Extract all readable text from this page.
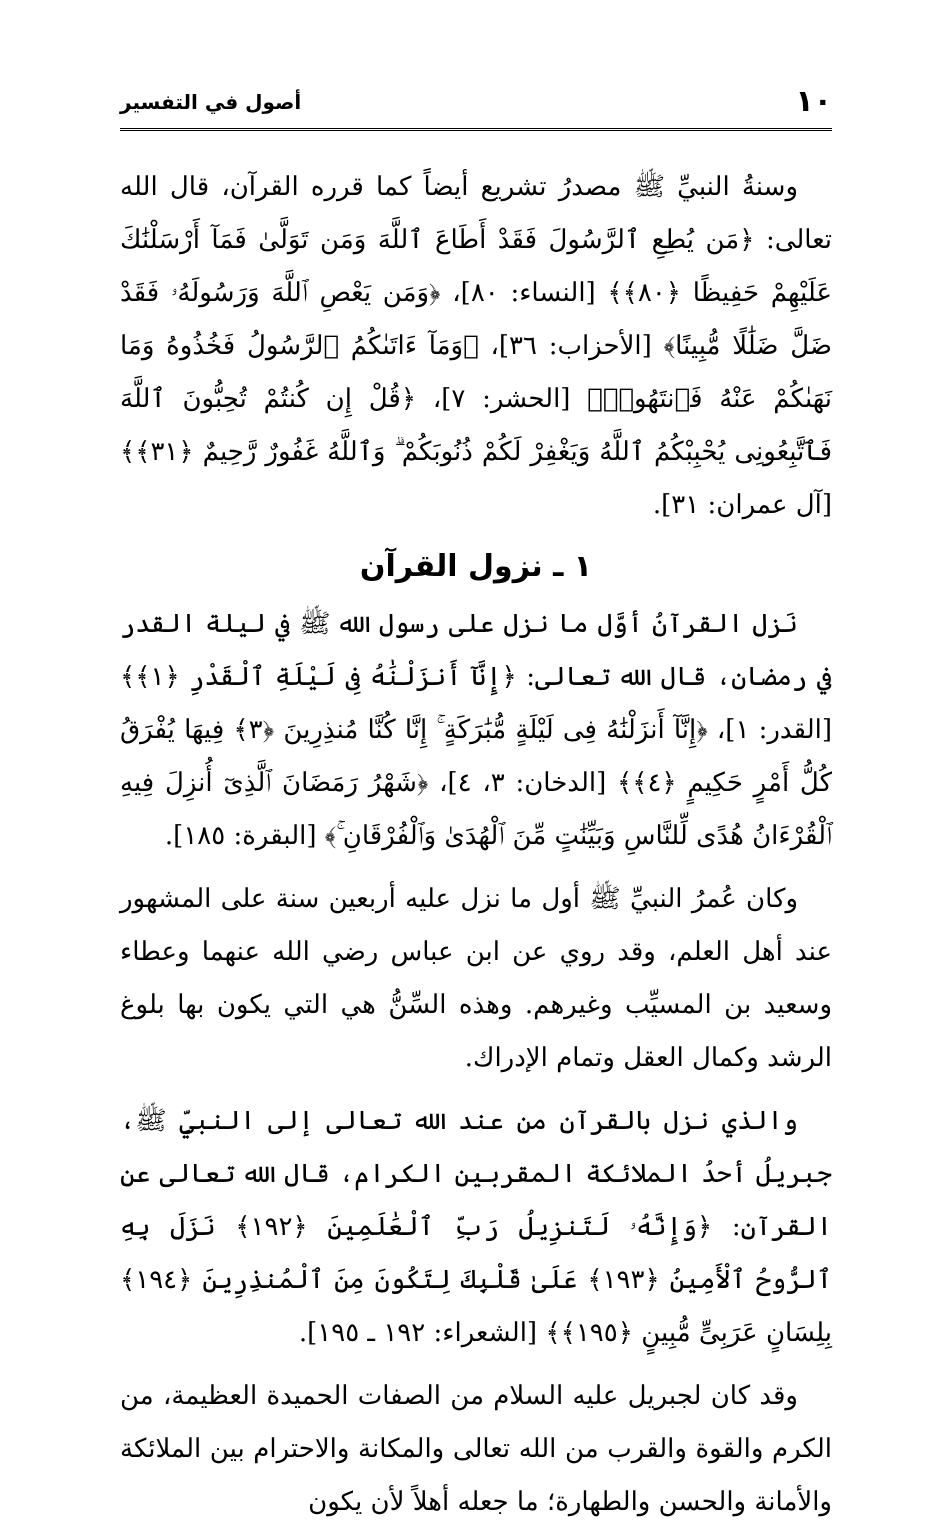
١٠
أصول في التفسير

وسنةُ النبيِّ ﷺ مصدرُ تشريع أيضاً كما قرره القرآن، قال الله تعالى: ﴿مَن يُطِعِ ٱلرَّسُولَ فَقَدْ أَطَاعَ ٱللَّهَ وَمَن تَوَلَّىٰ فَمَآ أَرْسَلْنَٰكَ عَلَيْهِمْ حَفِيظًا ﴿٨٠﴾﴾ [النساء: ٨٠]، ﴿وَمَن يَعْصِ ٱللَّهَ وَرَسُولَهُۥ فَقَدْ ضَلَّ ضَلَٰلًا مُّبِينًا﴾ [الأحزاب: ٣٦]، ﴿وَمَآ ءَاتَىٰكُمُ ٱلرَّسُولُ فَخُذُوهُ وَمَا نَهَىٰكُمْ عَنْهُ فَٱنتَهُوا۟﴾ [الحشر: ٧]، ﴿قُلْ إِن كُنتُمْ تُحِبُّونَ ٱللَّهَ فَٱتَّبِعُونِى يُحْبِبْكُمُ ٱللَّهُ وَيَغْفِرْ لَكُمْ ذُنُوبَكُمْ ۗ وَٱللَّهُ غَفُورٌ رَّحِيمٌ ﴿٣١﴾﴾ [آل عمران: ٣١].

١ ـ نزول القرآن

نَزل القرآنُ أوَّل ما نزل على رسول الله ﷺ في ليلة القدر في رمضان، قال الله تعالى: ﴿إِنَّآ أَنزَلْنَٰهُ فِى لَيْلَةِ ٱلْقَدْرِ ﴿١﴾﴾ [القدر: ١]، ﴿إِنَّآ أَنزَلْنَٰهُ فِى لَيْلَةٍ مُّبَٰرَكَةٍ ۚ إِنَّا كُنَّا مُنذِرِينَ ﴿٣﴾ فِيهَا يُفْرَقُ كُلُّ أَمْرٍ حَكِيمٍ ﴿٤﴾﴾ [الدخان: ٣، ٤]، ﴿شَهْرُ رَمَضَانَ ٱلَّذِىٓ أُنزِلَ فِيهِ ٱلْقُرْءَانُ هُدًى لِّلنَّاسِ وَبَيِّنَٰتٍ مِّنَ ٱلْهُدَىٰ وَٱلْفُرْقَانِ ۚ﴾ [البقرة: ١٨٥].

وكان عُمرُ النبيِّ ﷺ أول ما نزل عليه أربعين سنة على المشهور عند أهل العلم، وقد روي عن ابن عباس رضي الله عنهما وعطاء وسعيد بن المسيِّب وغيرهم. وهذه السِّنُّ هي التي يكون بها بلوغ الرشد وكمال العقل وتمام الإدراك.

والذي نزل بالقرآن من عند الله تعالى إلى النبيِّ ﷺ، جبريلُ أحدُ الملائكة المقربين الكرام، قال الله تعالى عن القرآن: ﴿وَإِنَّهُۥ لَتَنزِيلُ رَبِّ ٱلْعَٰلَمِينَ ﴿١٩٢﴾ نَزَلَ بِهِ ٱلرُّوحُ ٱلْأَمِينُ ﴿١٩٣﴾ عَلَىٰ قَلْبِكَ لِتَكُونَ مِنَ ٱلْمُنذِرِينَ ﴿١٩٤﴾ بِلِسَانٍ عَرَبِىٍّ مُّبِينٍ ﴿١٩٥﴾﴾ [الشعراء: ١٩٢ ـ ١٩٥].

وقد كان لجبريل عليه السلام من الصفات الحميدة العظيمة، من الكرم والقوة والقرب من الله تعالى والمكانة والاحترام بين الملائكة والأمانة والحسن والطهارة؛ ما جعله أهلاً لأن يكون
